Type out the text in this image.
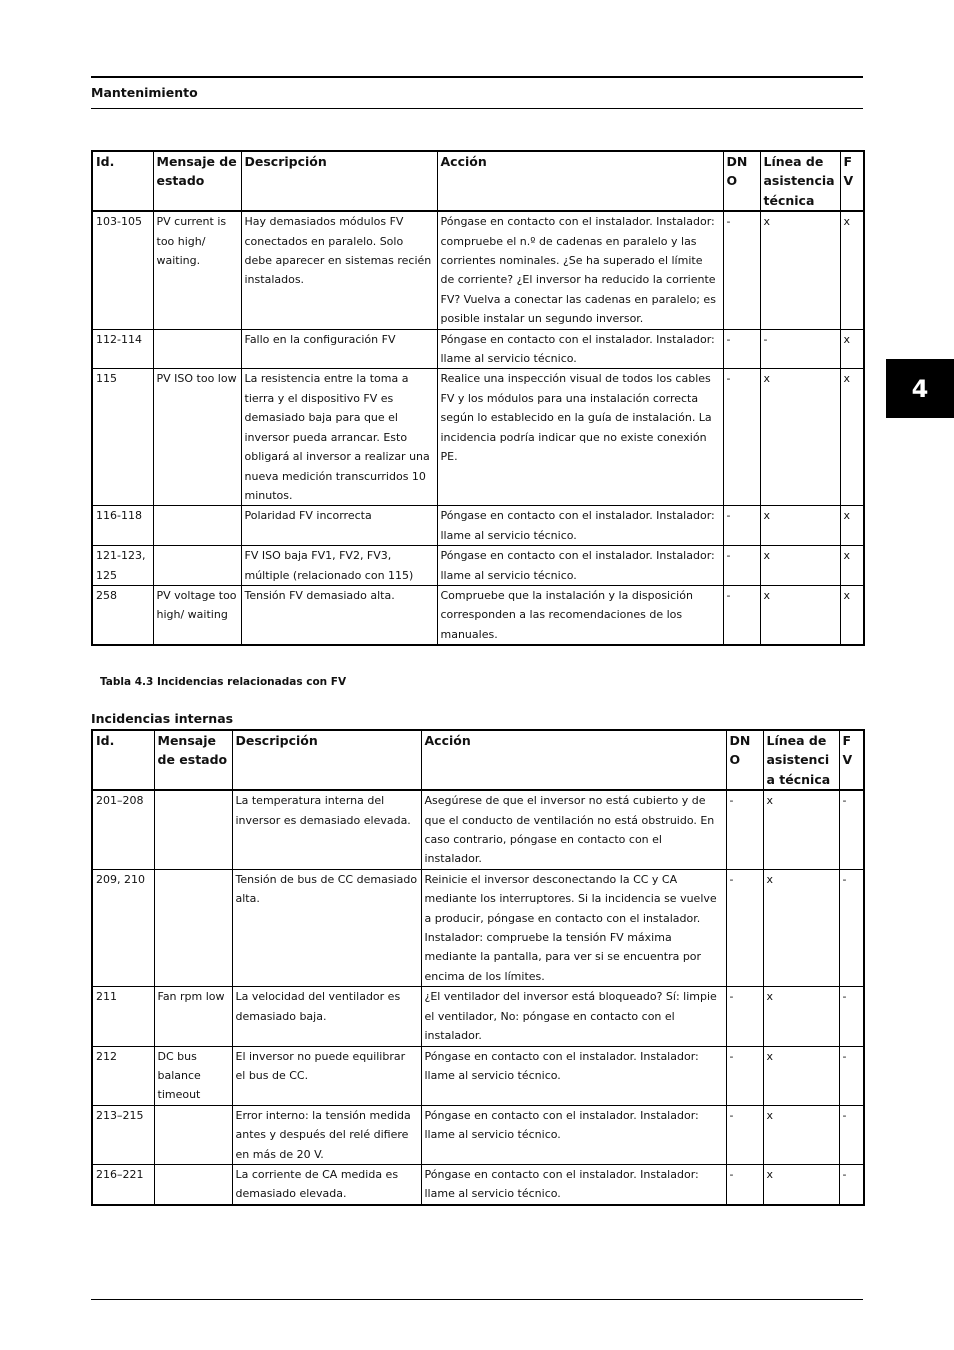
Mantenimiento
4
Id.	Mensaje de estado	Descripción	Acción	DNO	Línea de asistencia técnica	FV
103-105	PV current is too high/ waiting.	Hay demasiados módulos FV conectados en paralelo. Solo debe aparecer en sistemas recién instalados.	Póngase en contacto con el instalador. Instalador: compruebe el n.º de cadenas en paralelo y las corrientes nominales. ¿Se ha superado el límite de corriente? ¿El inversor ha reducido la corriente FV? Vuelva a conectar las cadenas en paralelo; es posible instalar un segundo inversor.	-	x	x
112-114		Fallo en la configuración FV	Póngase en contacto con el instalador. Instalador: llame al servicio técnico.	-	-	x
115	PV ISO too low	La resistencia entre la toma a tierra y el dispositivo FV es demasiado baja para que el inversor pueda arrancar. Esto obligará al inversor a realizar una nueva medición transcurridos 10 minutos.	Realice una inspección visual de todos los cables FV y los módulos para una instalación correcta según lo establecido en la guía de instalación. La incidencia podría indicar que no existe conexión PE.	-	x	x
116-118		Polaridad FV incorrecta	Póngase en contacto con el instalador. Instalador: llame al servicio técnico.	-	x	x
121-123, 125		FV ISO baja FV1, FV2, FV3, múltiple (relacionado con 115)	Póngase en contacto con el instalador. Instalador: llame al servicio técnico.	-	x	x
258	PV voltage too high/ waiting	Tensión FV demasiado alta.	Compruebe que la instalación y la disposición corresponden a las recomendaciones de los manuales.	-	x	x
Tabla 4.3 Incidencias relacionadas con FV
Incidencias internas
Id.	Mensaje de estado	Descripción	Acción	DNO	Línea de asistencia técnica	FV
201–208		La temperatura interna del inversor es demasiado elevada.	Asegúrese de que el inversor no está cubierto y de que el conducto de ventilación no está obstruido. En caso contrario, póngase en contacto con el instalador.	-	x	-
209, 210		Tensión de bus de CC demasiado alta.	Reinicie el inversor desconectando la CC y CA mediante los interruptores. Si la incidencia se vuelve a producir, póngase en contacto con el instalador. Instalador: compruebe la tensión FV máxima mediante la pantalla, para ver si se encuentra por encima de los límites.	-	x	-
211	Fan rpm low	La velocidad del ventilador es demasiado baja.	¿El ventilador del inversor está bloqueado? Sí: limpie el ventilador, No: póngase en contacto con el instalador.	-	x	-
212	DC bus balance timeout	El inversor no puede equilibrar el bus de CC.	Póngase en contacto con el instalador. Instalador: llame al servicio técnico.	-	x	-
213–215		Error interno: la tensión medida antes y después del relé difiere en más de 20 V.	Póngase en contacto con el instalador. Instalador: llame al servicio técnico.	-	x	-
216–221		La corriente de CA medida es demasiado elevada.	Póngase en contacto con el instalador. Instalador: llame al servicio técnico.	-	x	-
